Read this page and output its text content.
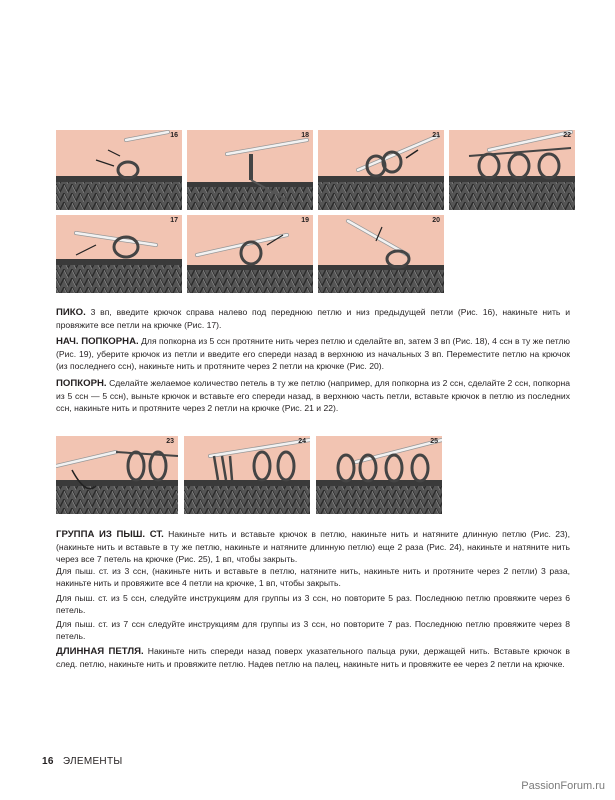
16	18	21	22
17	19	20

ПИКО. 3 вп, введите крючок справа налево под переднюю петлю и низ предыдущей петли (Рис. 16), накиньте нить и провяжите все петли на крючке (Рис. 17).

НАЧ. ПОПКОРНА. Для попкорна из 5 ссн протяните нить через петлю и сделайте вп, затем 3 вп (Рис. 18), 4 ссн в ту же петлю (Рис. 19), уберите крючок из петли и введите его спереди назад в верхнюю из начальных 3 вп. Переместите петлю на крючок (из последнего ссн), накиньте нить и протяните через 2 петли на крючке (Рис. 20).

ПОПКОРН. Сделайте желаемое количество петель в ту же петлю (например, для попкорна из 2 ссн, сделайте 2 ссн, попкорна из 5 ссн — 5 ссн), выньте крючок и вставьте его спереди назад, в верхнюю часть петли, вставьте крючок в петлю из последних ссн, накиньте нить и протяните через 2 петли на крючке (Рис. 21 и 22).

23	24	25

ГРУППА ИЗ ПЫШ. СТ. Накиньте нить и вставьте крючок в петлю, накиньте нить и натяните длинную петлю (Рис. 23), (накиньте нить и вставьте в ту же петлю, накиньте и натяните длинную петлю) еще 2 раза (Рис. 24), накиньте и натяните нить через все 7 петель на крючке (Рис. 25), 1 вп, чтобы закрыть.

Для пыш. ст. из 3 ссн, (накиньте нить и вставьте в петлю, натяните нить, накиньте нить и протяните через 2 петли) 3 раза, накиньте нить и провяжите все 4 петли на крючке, 1 вп, чтобы закрыть.

Для пыш. ст. из 5 ссн, следуйте инструкциям для группы из 3 ссн, но повторите 5 раз. Последнюю петлю провяжите через 6 петель.

Для пыш. ст. из 7 ссн следуйте инструкциям для группы из 3 ссн, но повторите 7 раз. Последнюю петлю провяжите через 8 петель.

ДЛИННАЯ ПЕТЛЯ. Накиньте нить спереди назад поверх указательного пальца руки, держащей нить. Вставьте крючок в след. петлю, накиньте нить и провяжите петлю. Надев петлю на палец, накиньте нить и провяжите ее через 2 петли на крючке.

16 ЭЛЕМЕНТЫ
PassionForum.ru
